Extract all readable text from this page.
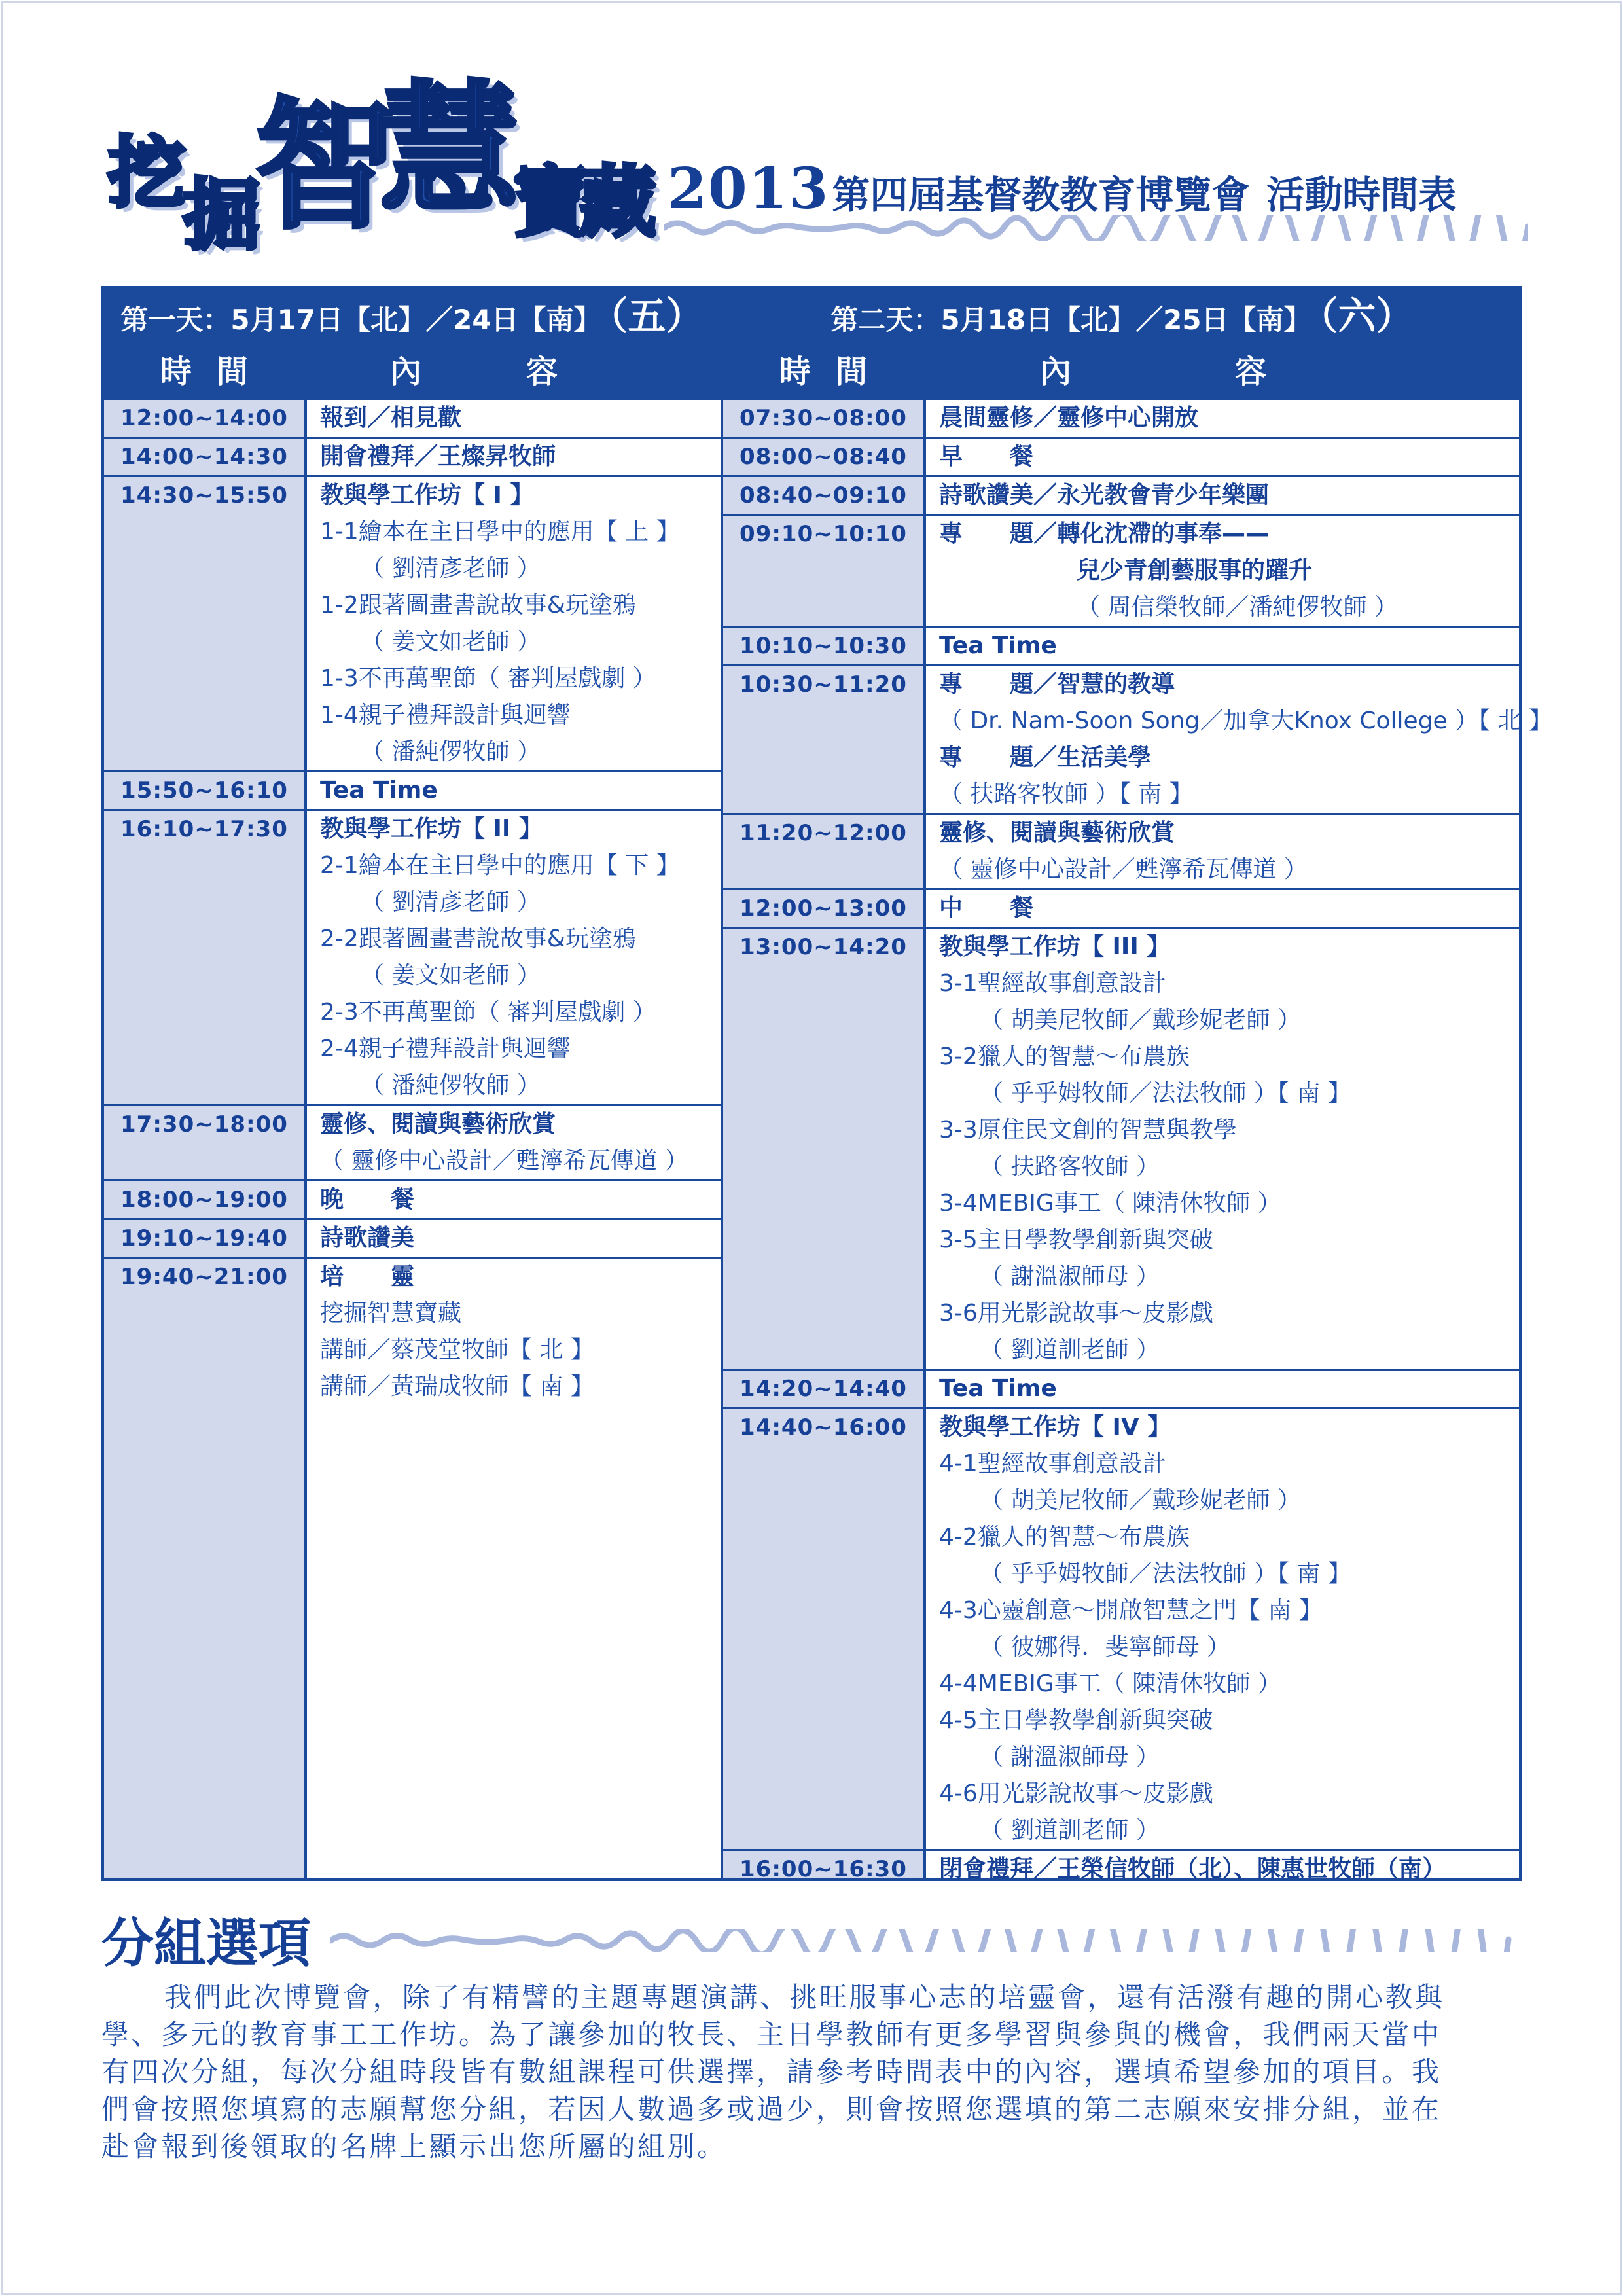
挖
掘
智
慧
寶
藏 2013第四屆基督教教育博覽會 活動時間表
第一天：5月17日【北】／24日【南】 （五）	第二天：5月18日【北】／25日【南】 （六）
時間	內容
12:00~14:00	報到／相見歡
14:00~14:30	開會禮拜／王燦昇牧師
14:30~15:50	教與學工作坊【 I 】
1-1繪本在主日學中的應用【 上 】
（ 劉清彥老師 ）
1-2跟著圖畫書說故事&玩塗鴉
（ 姜文如老師 ）
1-3不再萬聖節（ 審判屋戲劇 ）
1-4親子禮拜設計與迴響
（ 潘純㑩牧師 ）
15:50~16:10	Tea Time
16:10~17:30	教與學工作坊【 II 】
2-1繪本在主日學中的應用【 下 】
（ 劉清彥老師 ）
2-2跟著圖畫書說故事&玩塗鴉
（ 姜文如老師 ）
2-3不再萬聖節（ 審判屋戲劇 ）
2-4親子禮拜設計與迴響
（ 潘純㑩牧師 ）
17:30~18:00	靈修、閱讀與藝術欣賞
（ 靈修中心設計／甦濘希瓦傳道 ）
18:00~19:00	晚　　餐
19:10~19:40	詩歌讚美
19:40~21:00	培　　靈
挖掘智慧寶藏
講師／蔡茂堂牧師【 北 】
講師／黃瑞成牧師【 南 】
時間	內容
07:30~08:00	晨間靈修／靈修中心開放
08:00~08:40	早　　餐
08:40~09:10	詩歌讚美／永光教會青少年樂團
09:10~10:10	專　　題／轉化沈滯的事奉——
兒少青創藝服事的躍升
（ 周信榮牧師／潘純㑩牧師 ）
10:10~10:30	Tea Time
10:30~11:20	專　　題／智慧的教導
（ Dr. Nam-Soon Song／加拿大Knox College ）【 北 】
專　　題／生活美學
（ 扶路客牧師 ）【 南 】
11:20~12:00	靈修、閱讀與藝術欣賞
（ 靈修中心設計／甦濘希瓦傳道 ）
12:00~13:00	中　　餐
13:00~14:20	教與學工作坊【 III 】
3-1聖經故事創意設計
（ 胡美尼牧師／戴珍妮老師 ）
3-2獵人的智慧～布農族
（ 乎乎姆牧師／法法牧師 ）【 南 】
3-3原住民文創的智慧與教學
（ 扶路客牧師 ）
3-4MEBIG事工（ 陳清休牧師 ）
3-5主日學教學創新與突破
（ 謝溫淑師母 ）
3-6用光影說故事～皮影戲
（ 劉道訓老師 ）
14:20~14:40	Tea Time
14:40~16:00	教與學工作坊【 IV 】
4-1聖經故事創意設計
（ 胡美尼牧師／戴珍妮老師 ）
4-2獵人的智慧～布農族
（ 乎乎姆牧師／法法牧師 ）【 南 】
4-3心靈創意～開啟智慧之門【 南 】
（ 彼娜得．斐寧師母 ）
4-4MEBIG事工（ 陳清休牧師 ）
4-5主日學教學創新與突破
（ 謝溫淑師母 ）
4-6用光影說故事～皮影戲
（ 劉道訓老師 ）
16:00~16:30	閉會禮拜／王榮信牧師（北）、陳惠世牧師（南）
分組選項
我們此次博覽會，除了有精譬的主題專題演講、挑旺服事心志的培靈會，還有活潑有趣的開心教與
學、多元的教育事工工作坊。為了讓參加的牧長、主日學教師有更多學習與參與的機會，我們兩天當中
有四次分組，每次分組時段皆有數組課程可供選擇，請參考時間表中的內容，選填希望參加的項目。我
們會按照您填寫的志願幫您分組，若因人數過多或過少，則會按照您選填的第二志願來安排分組，並在
赴會報到後領取的名牌上顯示出您所屬的組別。
